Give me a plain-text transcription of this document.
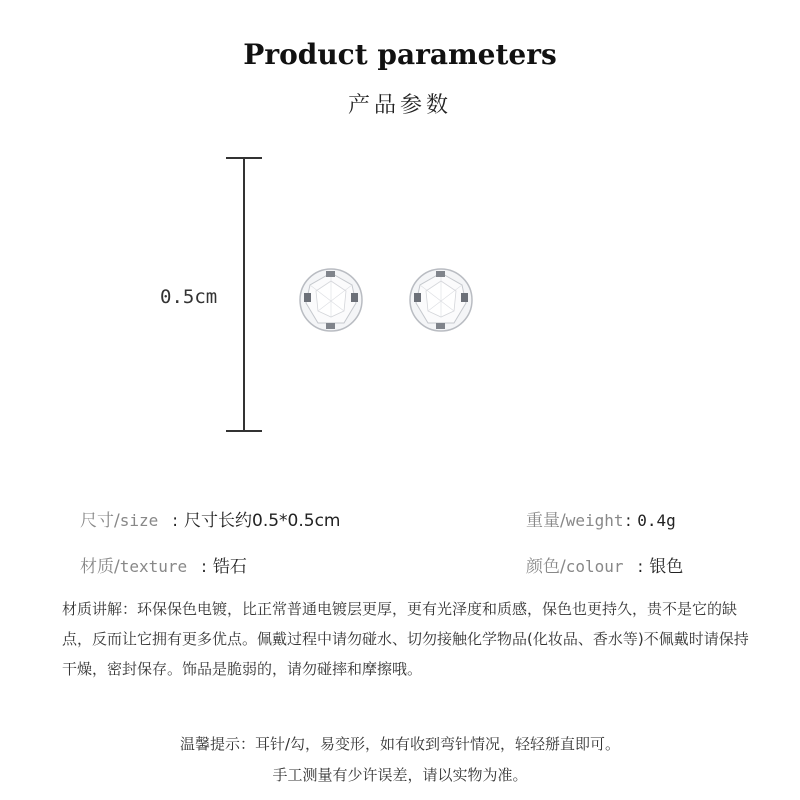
Product parameters
产品参数
0.5cm
尺寸/size : 尺寸长约0.5*0.5cm	重量/weight : 0.4g
材质/texture : 锆石	颜色/colour : 银色
材质讲解：环保保色电镀，比正常普通电镀层更厚，更有光泽度和质感，保色也更持久，贵不是它的缺点，反而让它拥有更多优点。佩戴过程中请勿碰水、切勿接触化学物品(化妆品、香水等)不佩戴时请保持干燥，密封保存。饰品是脆弱的，请勿碰摔和摩擦哦。
温馨提示：耳针/勾，易变形，如有收到弯针情况，轻轻掰直即可。
手工测量有少许误差，请以实物为准。
